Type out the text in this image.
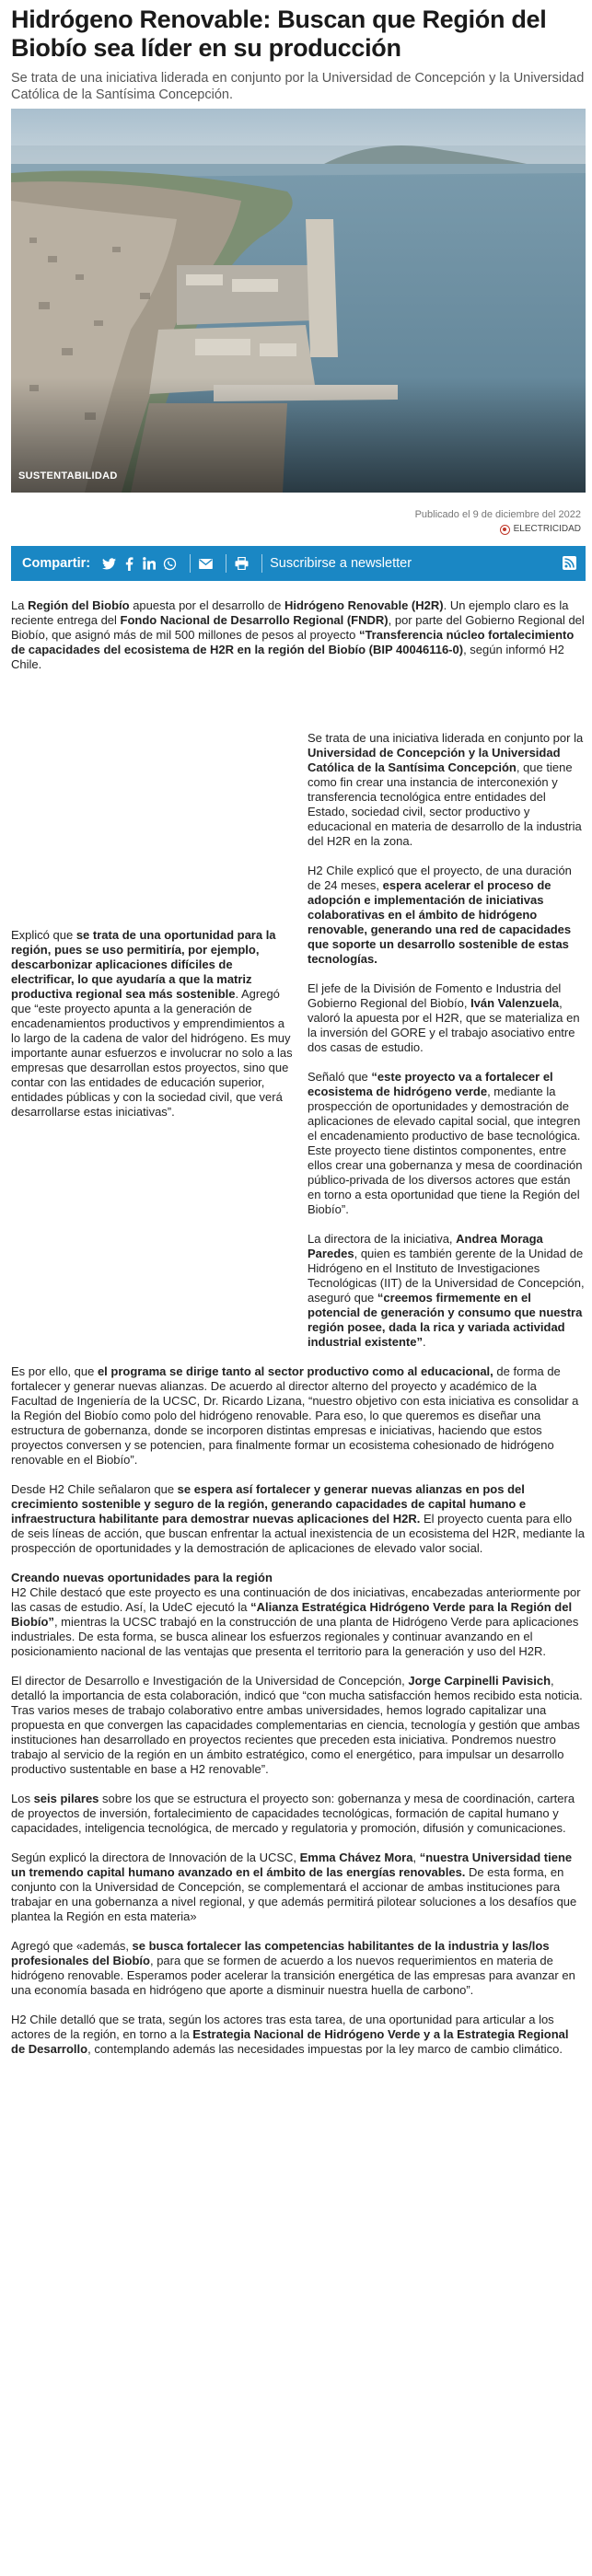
Hidrógeno Renovable: Buscan que Región del Biobío sea líder en su producción
Se trata de una iniciativa liderada en conjunto por la Universidad de Concepción y la Universidad Católica de la Santísima Concepción.
SUSTENTABILIDAD
Publicado el 9 de diciembre del 2022
ELECTRICIDAD
Compartir:	Suscribirse a newsletter

La Región del Biobío apuesta por el desarrollo de Hidrógeno Renovable (H2R). Un ejemplo claro es la reciente entrega del Fondo Nacional de Desarrollo Regional (FNDR), por parte del Gobierno Regional del Biobío, que asignó más de mil 500 millones de pesos al proyecto “Transferencia núcleo fortalecimiento de capacidades del ecosistema de H2R en la región del Biobío (BIP 40046116-0), según informó H2 Chile.

Se trata de una iniciativa liderada en conjunto por la Universidad de Concepción y la Universidad Católica de la Santísima Concepción, que tiene como fin crear una instancia de interconexión y transferencia tecnológica entre entidades del Estado, sociedad civil, sector productivo y educacional en materia de desarrollo de la industria del H2R en la zona.

H2 Chile explicó que el proyecto, de una duración de 24 meses, espera acelerar el proceso de adopción e implementación de iniciativas colaborativas en el ámbito de hidrógeno renovable, generando una red de capacidades que soporte un desarrollo sostenible de estas tecnologías.

El jefe de la División de Fomento e Industria del Gobierno Regional del Biobío, Iván Valenzuela, valoró la apuesta por el H2R, que se materializa en la inversión del GORE y el trabajo asociativo entre dos casas de estudio.

Señaló que “este proyecto va a fortalecer el ecosistema de hidrógeno verde, mediante la prospección de oportunidades y demostración de aplicaciones de elevado capital social, que integren el encadenamiento productivo de base tecnológica. Este proyecto tiene distintos componentes, entre ellos crear una gobernanza y mesa de coordinación público-privada de los diversos actores que están en torno a esta oportunidad que tiene la Región del Biobío”.

La directora de la iniciativa, Andrea Moraga Paredes, quien es también gerente de la Unidad de Hidrógeno en el Instituto de Investigaciones Tecnológicas (IIT) de la Universidad de Concepción, aseguró que “creemos firmemente en el potencial de generación y consumo que nuestra región posee, dada la rica y variada actividad industrial existente”.

Explicó que se trata de una oportunidad para la región, pues se uso permitiría, por ejemplo, descarbonizar aplicaciones difíciles de electrificar, lo que ayudaría a que la matriz productiva regional sea más sostenible. Agregó que “este proyecto apunta a la generación de encadenamientos productivos y emprendimientos a lo largo de la cadena de valor del hidrógeno. Es muy importante aunar esfuerzos e involucrar no solo a las empresas que desarrollan estos proyectos, sino que contar con las entidades de educación superior, entidades públicas y con la sociedad civil, que verá desarrollarse estas iniciativas”.

Es por ello, que el programa se dirige tanto al sector productivo como al educacional, de forma de fortalecer y generar nuevas alianzas. De acuerdo al director alterno del proyecto y académico de la Facultad de Ingeniería de la UCSC, Dr. Ricardo Lizana, “nuestro objetivo con esta iniciativa es consolidar a la Región del Biobío como polo del hidrógeno renovable. Para eso, lo que queremos es diseñar una estructura de gobernanza, donde se incorporen distintas empresas e iniciativas, haciendo que estos proyectos conversen y se potencien, para finalmente formar un ecosistema cohesionado de hidrógeno renovable en el Biobío”.

Desde H2 Chile señalaron que se espera así fortalecer y generar nuevas alianzas en pos del crecimiento sostenible y seguro de la región, generando capacidades de capital humano e infraestructura habilitante para demostrar nuevas aplicaciones del H2R. El proyecto cuenta para ello de seis líneas de acción, que buscan enfrentar la actual inexistencia de un ecosistema del H2R, mediante la prospección de oportunidades y la demostración de aplicaciones de elevado valor social.

Creando nuevas oportunidades para la región
H2 Chile destacó que este proyecto es una continuación de dos iniciativas, encabezadas anteriormente por las casas de estudio. Así, la UdeC ejecutó la “Alianza Estratégica Hidrógeno Verde para la Región del Biobío”, mientras la UCSC trabajó en la construcción de una planta de Hidrógeno Verde para aplicaciones industriales. De esta forma, se busca alinear los esfuerzos regionales y continuar avanzando en el posicionamiento nacional de las ventajas que presenta el territorio para la generación y uso del H2R.

El director de Desarrollo e Investigación de la Universidad de Concepción, Jorge Carpinelli Pavisich, detalló la importancia de esta colaboración, indicó que “con mucha satisfacción hemos recibido esta noticia. Tras varios meses de trabajo colaborativo entre ambas universidades, hemos logrado capitalizar una propuesta en que convergen las capacidades complementarias en ciencia, tecnología y gestión que ambas instituciones han desarrollado en proyectos recientes que preceden esta iniciativa. Pondremos nuestro trabajo al servicio de la región en un ámbito estratégico, como el energético, para impulsar un desarrollo productivo sustentable en base a H2 renovable”.

Los seis pilares sobre los que se estructura el proyecto son: gobernanza y mesa de coordinación, cartera de proyectos de inversión, fortalecimiento de capacidades tecnológicas, formación de capital humano y capacidades, inteligencia tecnológica, de mercado y regulatoria y promoción, difusión y comunicaciones.

Según explicó la directora de Innovación de la UCSC, Emma Chávez Mora, “nuestra Universidad tiene un tremendo capital humano avanzado en el ámbito de las energías renovables. De esta forma, en conjunto con la Universidad de Concepción, se complementará el accionar de ambas instituciones para trabajar en una gobernanza a nivel regional, y que además permitirá pilotear soluciones a los desafíos que plantea la Región en esta materia»

Agregó que «además, se busca fortalecer las competencias habilitantes de la industria y las/los profesionales del Biobío, para que se formen de acuerdo a los nuevos requerimientos en materia de hidrógeno renovable. Esperamos poder acelerar la transición energética de las empresas para avanzar en una economía basada en hidrógeno que aporte a disminuir nuestra huella de carbono”.

H2 Chile detalló que se trata, según los actores tras esta tarea, de una oportunidad para articular a los actores de la región, en torno a la Estrategia Nacional de Hidrógeno Verde y a la Estrategia Regional de Desarrollo, contemplando además las necesidades impuestas por la ley marco de cambio climático.
